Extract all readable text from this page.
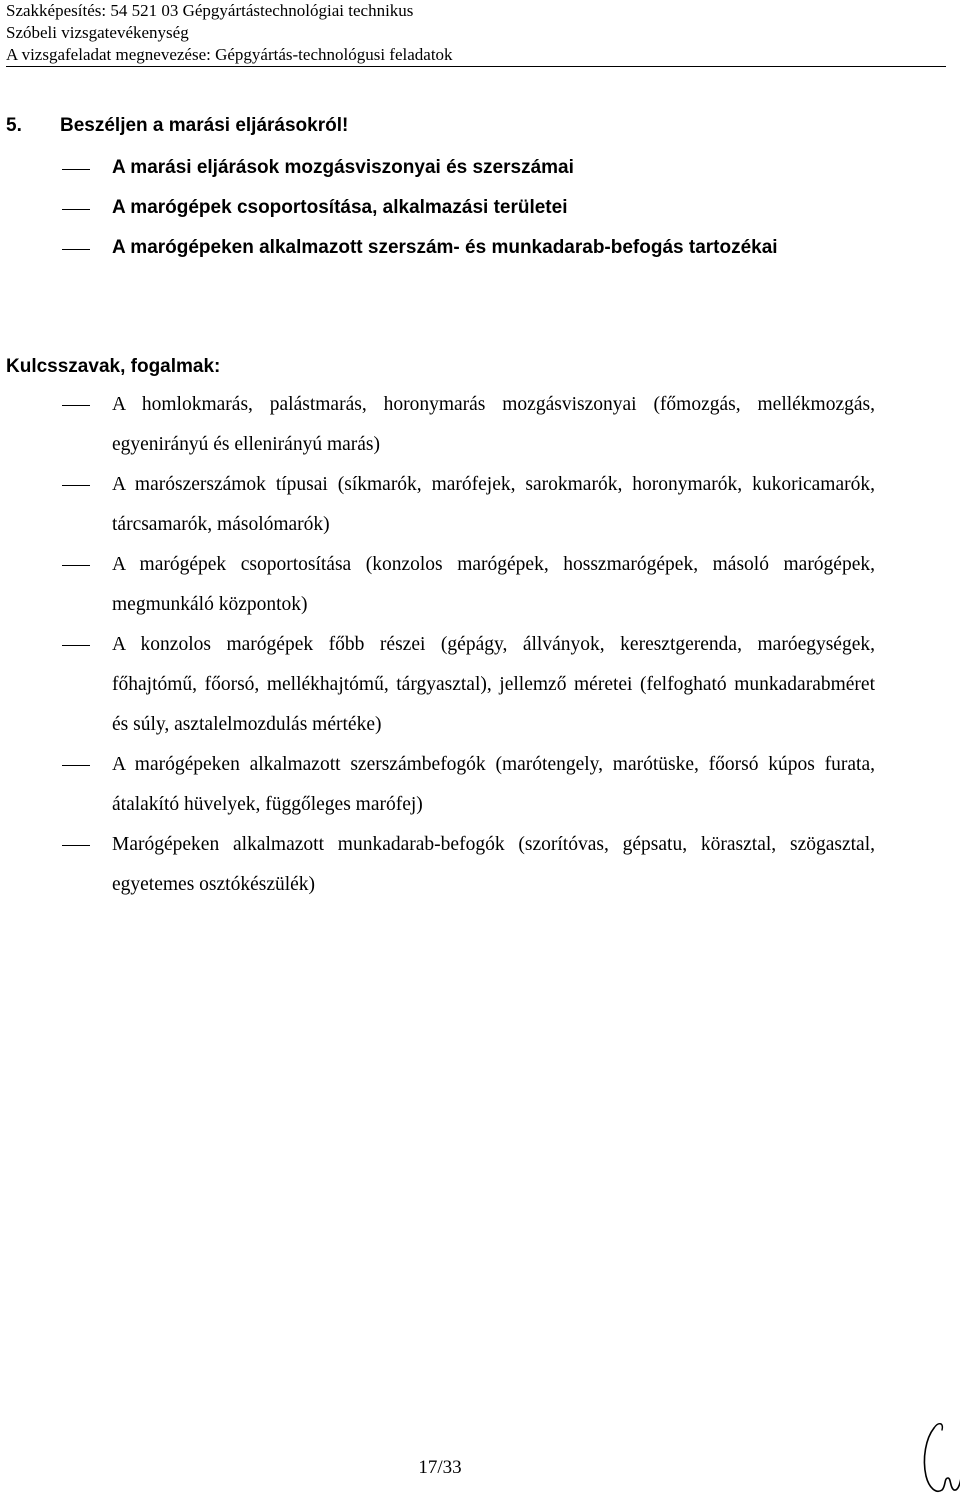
Szakképesítés: 54 521 03 Gépgyártástechnológiai technikus
Szóbeli vizsgatevékenység
A vizsgafeladat megnevezése: Gépgyártás-technológusi feladatok
5. Beszéljen a marási eljárásokról!
A marási eljárások mozgásviszonyai és szerszámai
A marógépek csoportosítása, alkalmazási területei
A marógépeken alkalmazott szerszám- és munkadarab-befogás tartozékai
Kulcsszavak, fogalmak:
A homlokmarás, palástmarás, horonymarás mozgásviszonyai (főmozgás, mellékmozgás, egyenirányú és ellenirányú marás)
A marószerszámok típusai (síkmarók, marófejek, sarokmarók, horonymarók, kukoricamarók, tárcsamarók, másolómarók)
A marógépek csoportosítása (konzolos marógépek, hosszmarógépek, másoló marógépek, megmunkáló központok)
A konzolos marógépek főbb részei (gépágy, állványok, keresztgerenda, maróegységek, főhajtómű, főorsó, mellékhajtómű, tárgyasztal), jellemző méretei (felfogható munkadarabméret és súly, asztalelmozdulás mértéke)
A marógépeken alkalmazott szerszámbefogók (marótengely, marótüske, főorsó kúpos furata, átalakító hüvelyek, függőleges marófej)
Marógépeken alkalmazott munkadarab-befogók (szorítóvas, gépsatu, körasztal, szögasztal, egyetemes osztókészülék)
17/33
